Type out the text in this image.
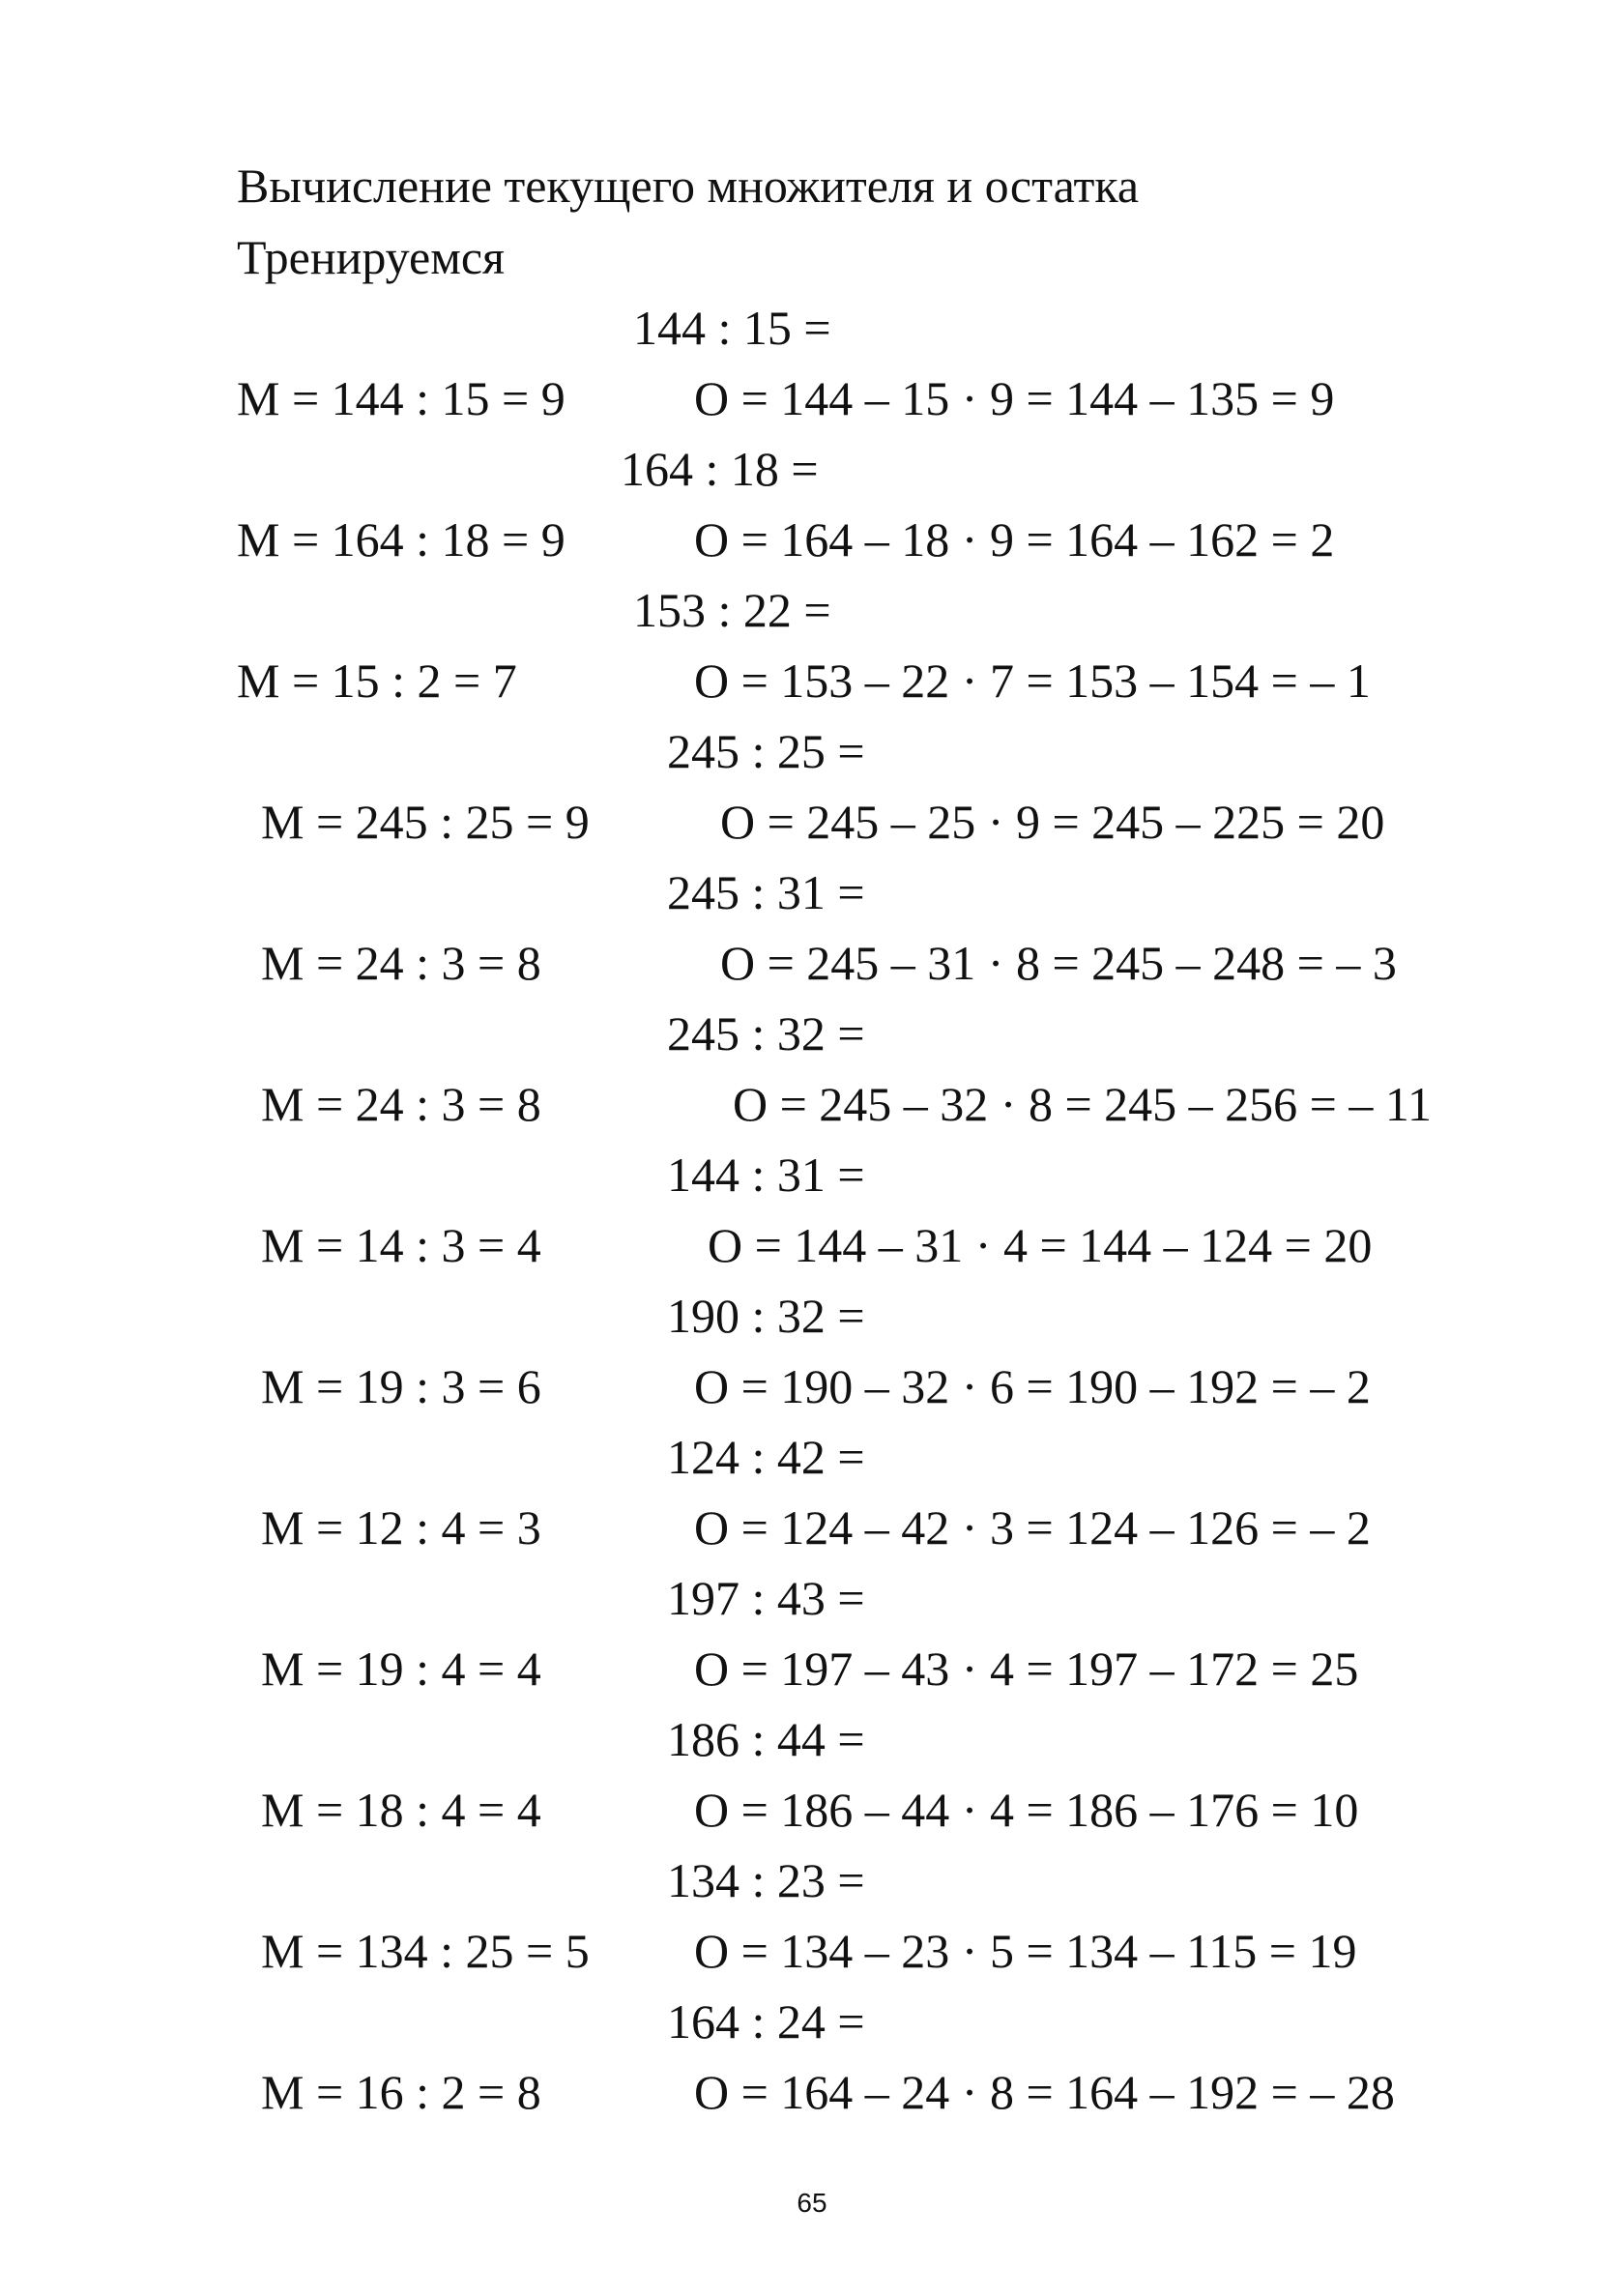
Вычисление текущего множителя и остатка
Тренируемся
144 : 15 =
М = 144 : 15 = 9	О = 144 – 15 · 9 = 144 – 135 = 9
164 : 18 =
М = 164 : 18 = 9	О = 164 – 18 · 9 = 164 – 162 = 2
153 : 22 =
М = 15 : 2 = 7	О = 153 – 22 · 7 = 153 – 154 = – 1
245 : 25 =
М = 245 : 25 = 9	О = 245 – 25 · 9 = 245 – 225 = 20
245 : 31 =
М = 24 : 3 = 8	О = 245 – 31 · 8 = 245 – 248 = – 3
245 : 32 =
М = 24 : 3 = 8	О = 245 – 32 · 8 = 245 – 256 = – 11
144 : 31 =
М = 14 : 3 = 4	О = 144 – 31 · 4 = 144 – 124 = 20
190 : 32 =
М = 19 : 3 = 6	О = 190 – 32 · 6 = 190 – 192 = – 2
124 : 42 =
М = 12 : 4 = 3	О = 124 – 42 · 3 = 124 – 126 = – 2
197 : 43 =
М = 19 : 4 = 4	О = 197 – 43 · 4 = 197 – 172 = 25
186 : 44 =
М = 18 : 4 = 4	О = 186 – 44 · 4 = 186 – 176 = 10
134 : 23 =
М = 134 : 25 = 5 О = 134 – 23 · 5 = 134 – 115 = 19
164 : 24 =
М = 16 : 2 = 8	О = 164 – 24 · 8 = 164 – 192 = – 28
65
